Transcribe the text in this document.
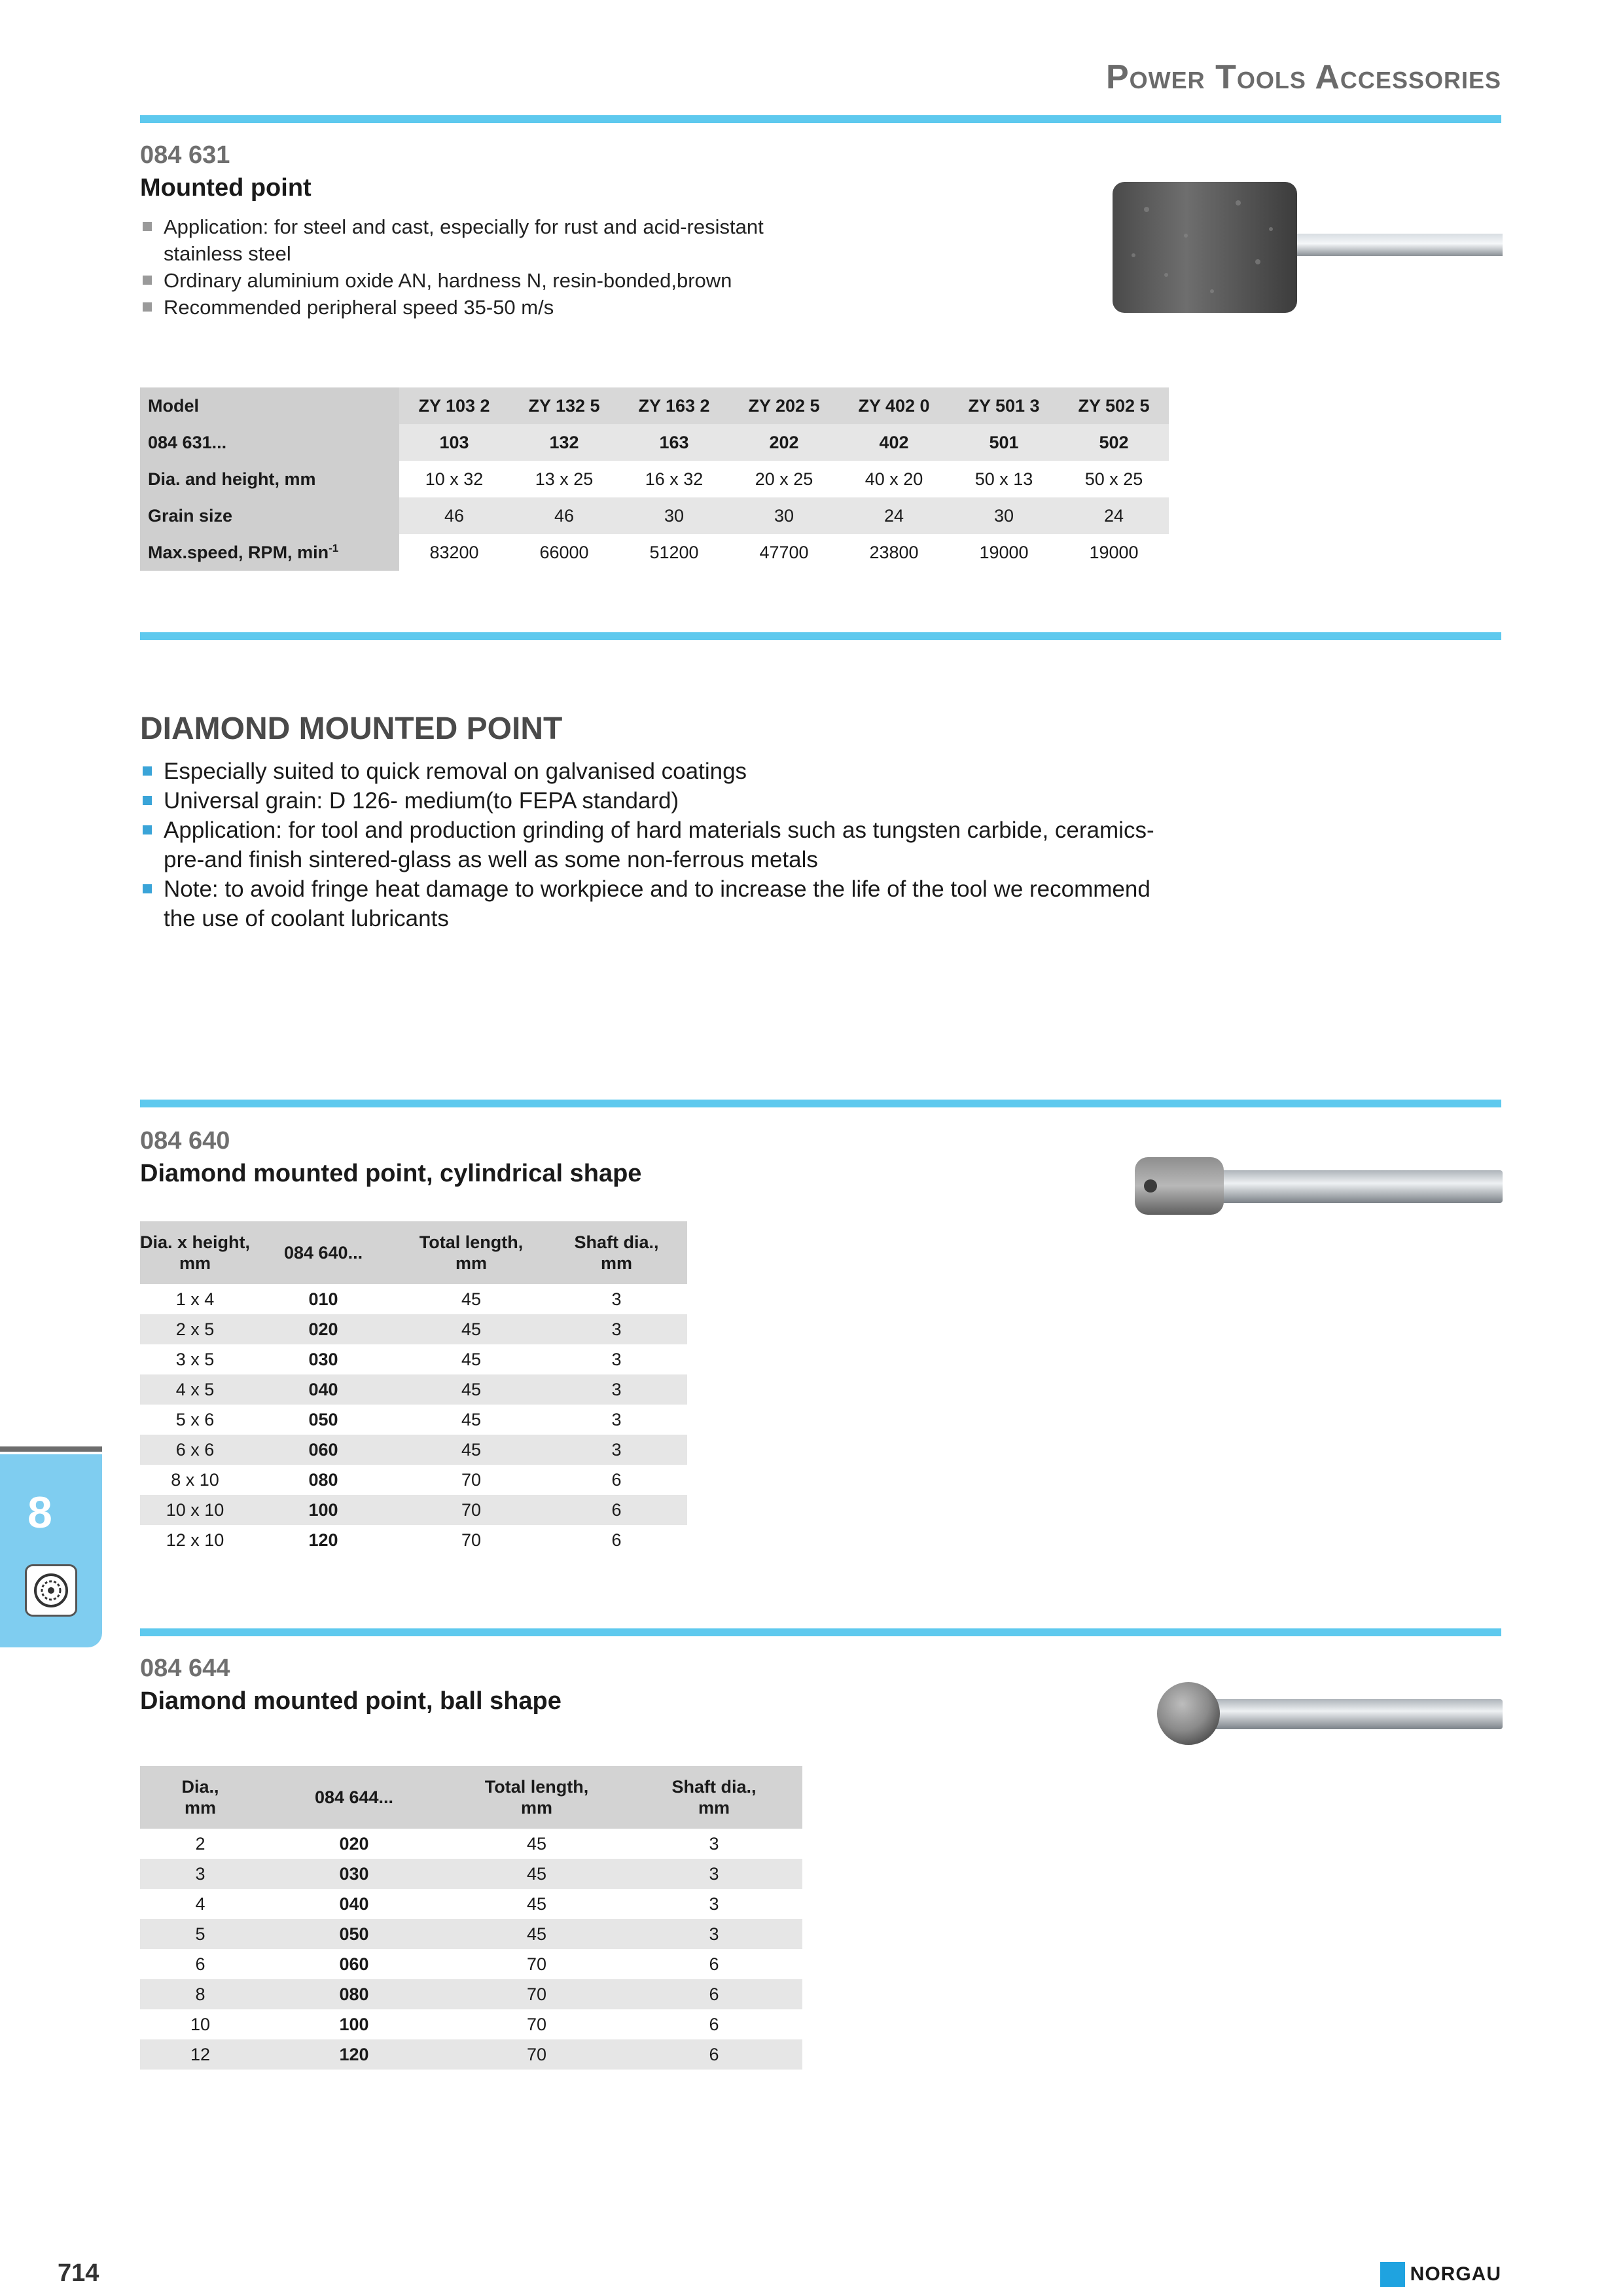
Power Tools Accessories
084 631
Mounted point
Application: for steel and cast, especially for rust and acid-resistant
stainless steel
Ordinary aluminium oxide AN, hardness N, resin-bonded,brown
Recommended peripheral speed 35-50 m/s
Model	ZY 103 2	ZY 132 5	ZY 163 2	ZY 202 5	ZY 402 0	ZY 501 3	ZY 502 5
084 631...	103	132	163	202	402	501	502
Dia. and height, mm	10 x 32	13 x 25	16 x 32	20 x 25	40 x 20	50 x 13	50 x 25
Grain size	46	46	30	30	24	30	24
Max.speed, RPM, $\min^{-1}$	83200	66000	51200	47700	23800	19000	19000
DIAMOND MOUNTED POINT
Especially suited to quick removal on galvanised coatings
Universal grain: D 126- medium(to FEPA standard)
Application: for tool and production grinding of hard materials such as tungsten carbide, ceramics-pre-and finish sintered-glass as well as some non-ferrous metals
Note: to avoid fringe heat damage to workpiece and to increase the life of the tool we recommend the use of coolant lubricants
084 640
Diamond mounted point, cylindrical shape
Dia. x height,
mm	084 640...	Total length,
mm	Shaft dia.,
mm
1 x 4	010	45	3
2 x 5	020	45	3
3 x 5	030	45	3
4 x 5	040	45	3
5 x 6	050	45	3
6 x 6	060	45	3
8 x 10	080	70	6
10 x 10	100	70	6
12 x 10	120	70	6
084 644
Diamond mounted point, ball shape
Dia.,
mm	084 644...	Total length,
mm	Shaft dia.,
mm
2	020	45	3
3	030	45	3
4	040	45	3
5	050	45	3
6	060	70	6
8	080	70	6
10	100	70	6
12	120	70	6
8
714	NORGAU
